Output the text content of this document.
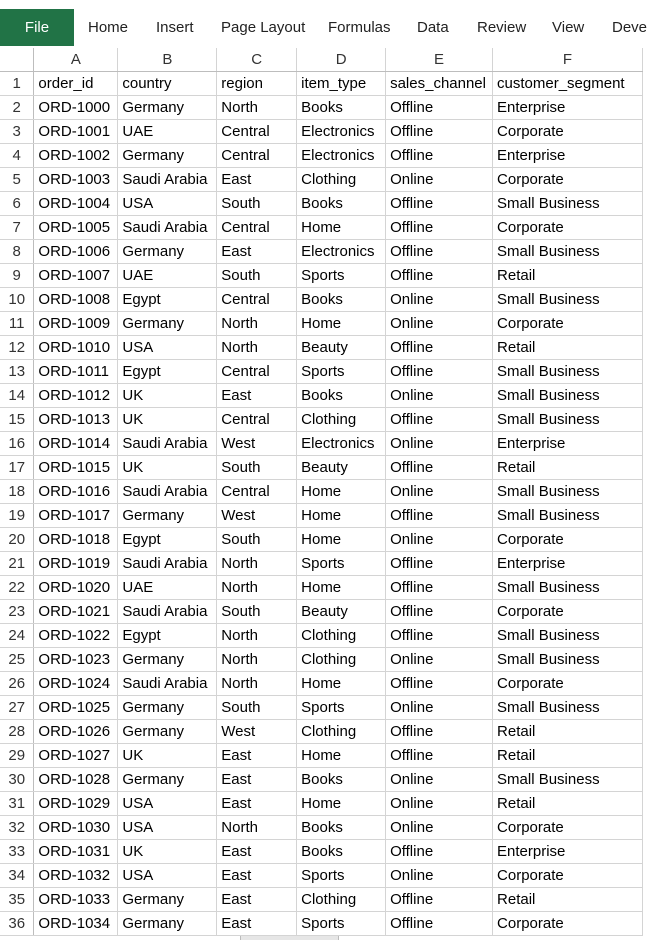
File	Home Insert Page Layout Formulas Data Review View Deve
	A	B	C	D	E	F
1	order_id	country	region	item_type	sales_channel	customer_segment
2	ORD-1000	Germany	North	Books	Offline	Enterprise
3	ORD-1001	UAE	Central	Electronics	Offline	Corporate
4	ORD-1002	Germany	Central	Electronics	Offline	Enterprise
5	ORD-1003	Saudi Arabia	East	Clothing	Online	Corporate
6	ORD-1004	USA	South	Books	Offline	Small Business
7	ORD-1005	Saudi Arabia	Central	Home	Offline	Corporate
8	ORD-1006	Germany	East	Electronics	Offline	Small Business
9	ORD-1007	UAE	South	Sports	Offline	Retail
10	ORD-1008	Egypt	Central	Books	Online	Small Business
11	ORD-1009	Germany	North	Home	Online	Corporate
12	ORD-1010	USA	North	Beauty	Offline	Retail
13	ORD-1011	Egypt	Central	Sports	Offline	Small Business
14	ORD-1012	UK	East	Books	Online	Small Business
15	ORD-1013	UK	Central	Clothing	Offline	Small Business
16	ORD-1014	Saudi Arabia	West	Electronics	Online	Enterprise
17	ORD-1015	UK	South	Beauty	Offline	Retail
18	ORD-1016	Saudi Arabia	Central	Home	Online	Small Business
19	ORD-1017	Germany	West	Home	Offline	Small Business
20	ORD-1018	Egypt	South	Home	Online	Corporate
21	ORD-1019	Saudi Arabia	North	Sports	Offline	Enterprise
22	ORD-1020	UAE	North	Home	Offline	Small Business
23	ORD-1021	Saudi Arabia	South	Beauty	Offline	Corporate
24	ORD-1022	Egypt	North	Clothing	Offline	Small Business
25	ORD-1023	Germany	North	Clothing	Online	Small Business
26	ORD-1024	Saudi Arabia	North	Home	Offline	Corporate
27	ORD-1025	Germany	South	Sports	Online	Small Business
28	ORD-1026	Germany	West	Clothing	Offline	Retail
29	ORD-1027	UK	East	Home	Offline	Retail
30	ORD-1028	Germany	East	Books	Online	Small Business
31	ORD-1029	USA	East	Home	Online	Retail
32	ORD-1030	USA	North	Books	Online	Corporate
33	ORD-1031	UK	East	Books	Offline	Enterprise
34	ORD-1032	USA	East	Sports	Online	Corporate
35	ORD-1033	Germany	East	Clothing	Offline	Retail
36	ORD-1034	Germany	East	Sports	Offline	Corporate
